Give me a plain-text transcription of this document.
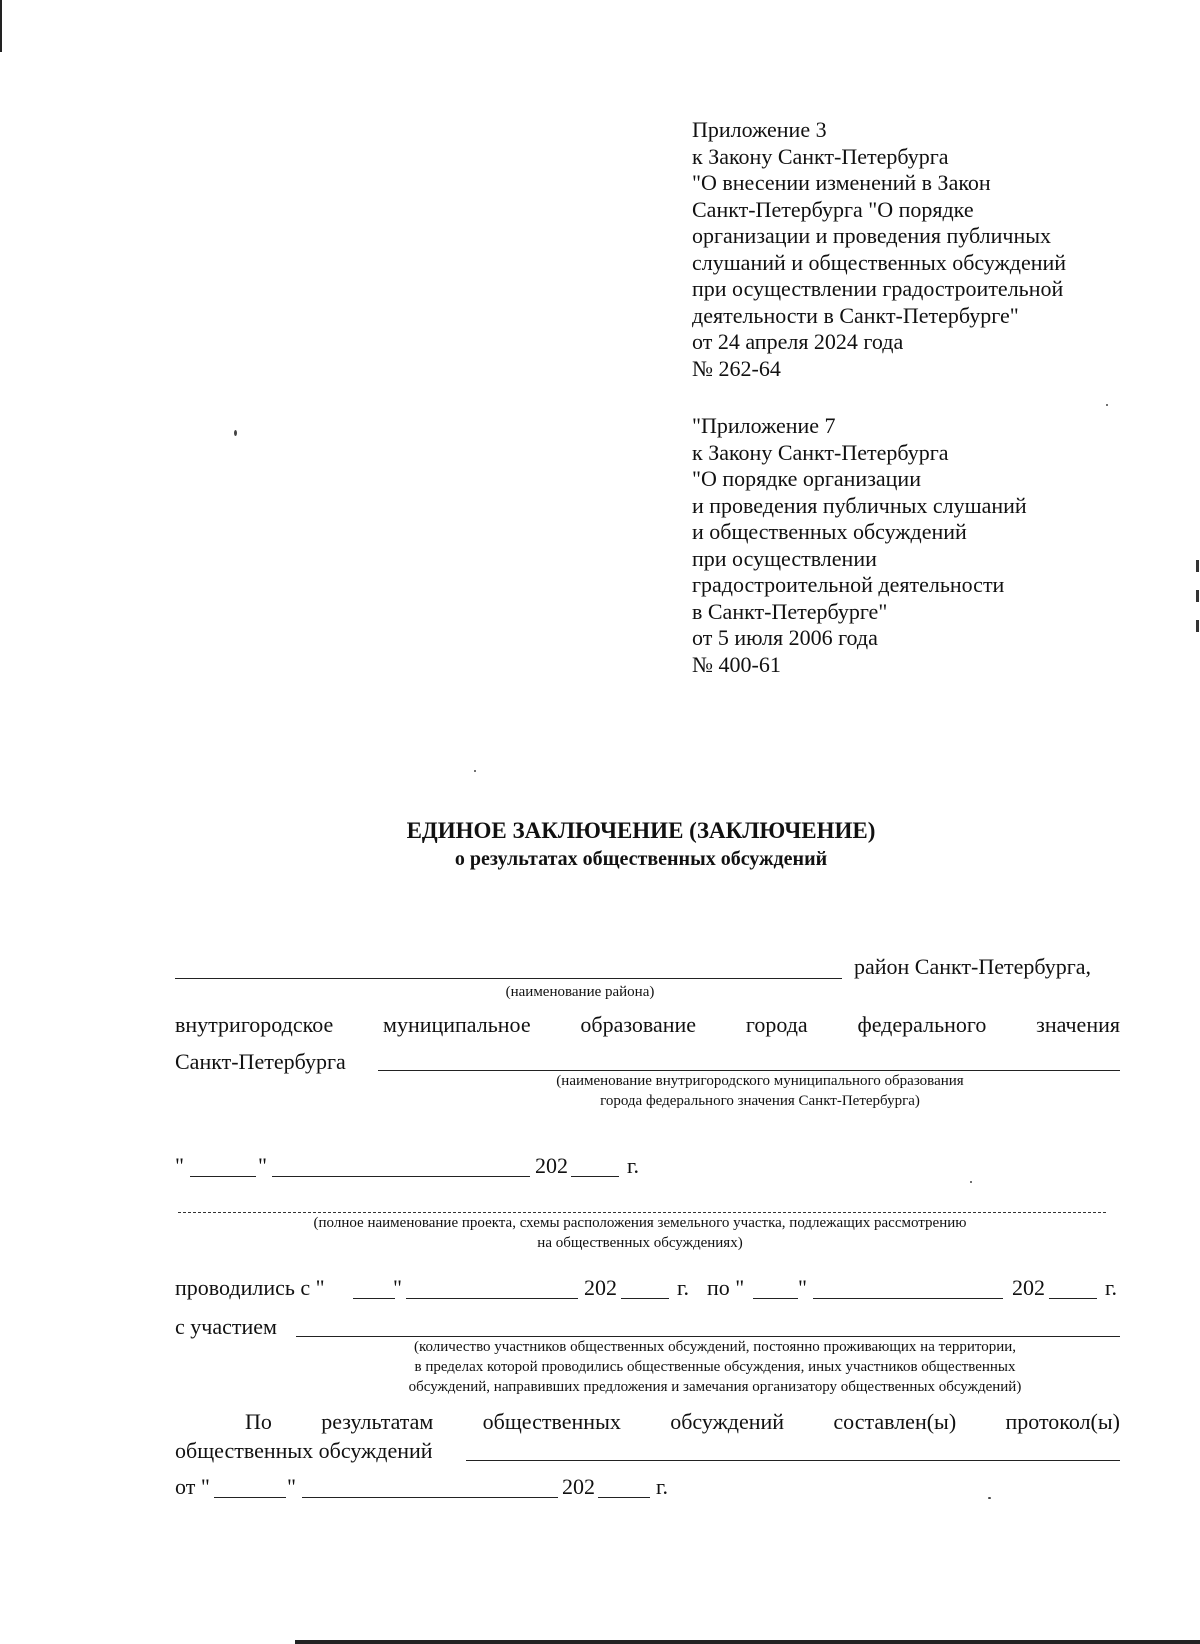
Приложение 3
к Закону Санкт-Петербурга
"О внесении изменений в Закон
Санкт-Петербурга "О порядке
организации и проведения публичных
слушаний и общественных обсуждений
при осуществлении градостроительной
деятельности в Санкт-Петербурге"
от 24 апреля 2024 года
№ 262-64
"Приложение 7
к Закону Санкт-Петербурга
"О порядке организации
и проведения публичных слушаний
и общественных обсуждений
при осуществлении
градостроительной деятельности
в Санкт-Петербурге"
от 5 июля 2006 года
№ 400-61
ЕДИНОЕ ЗАКЛЮЧЕНИЕ (ЗАКЛЮЧЕНИЕ)
о результатах общественных обсуждений
район Санкт-Петербурга,
(наименование района)
внутригородское муниципальное образование города федерального значения
Санкт-Петербурга
(наименование внутригородского муниципального образования
города федерального значения Санкт-Петербурга)
"	"	202	г.
(полное наименование проекта, схемы расположения земельного участка, подлежащих рассмотрению
на общественных обсуждениях)
проводились с "	"	202	г. по " "	202	г.
с участием
(количество участников общественных обсуждений, постоянно проживающих на территории,
в пределах которой проводились общественные обсуждения, иных участников общественных
обсуждений, направивших предложения и замечания организатору общественных обсуждений)
По результатам общественных обсуждений составлен(ы) протокол(ы)
общественных обсуждений
от "	"	202	г.
